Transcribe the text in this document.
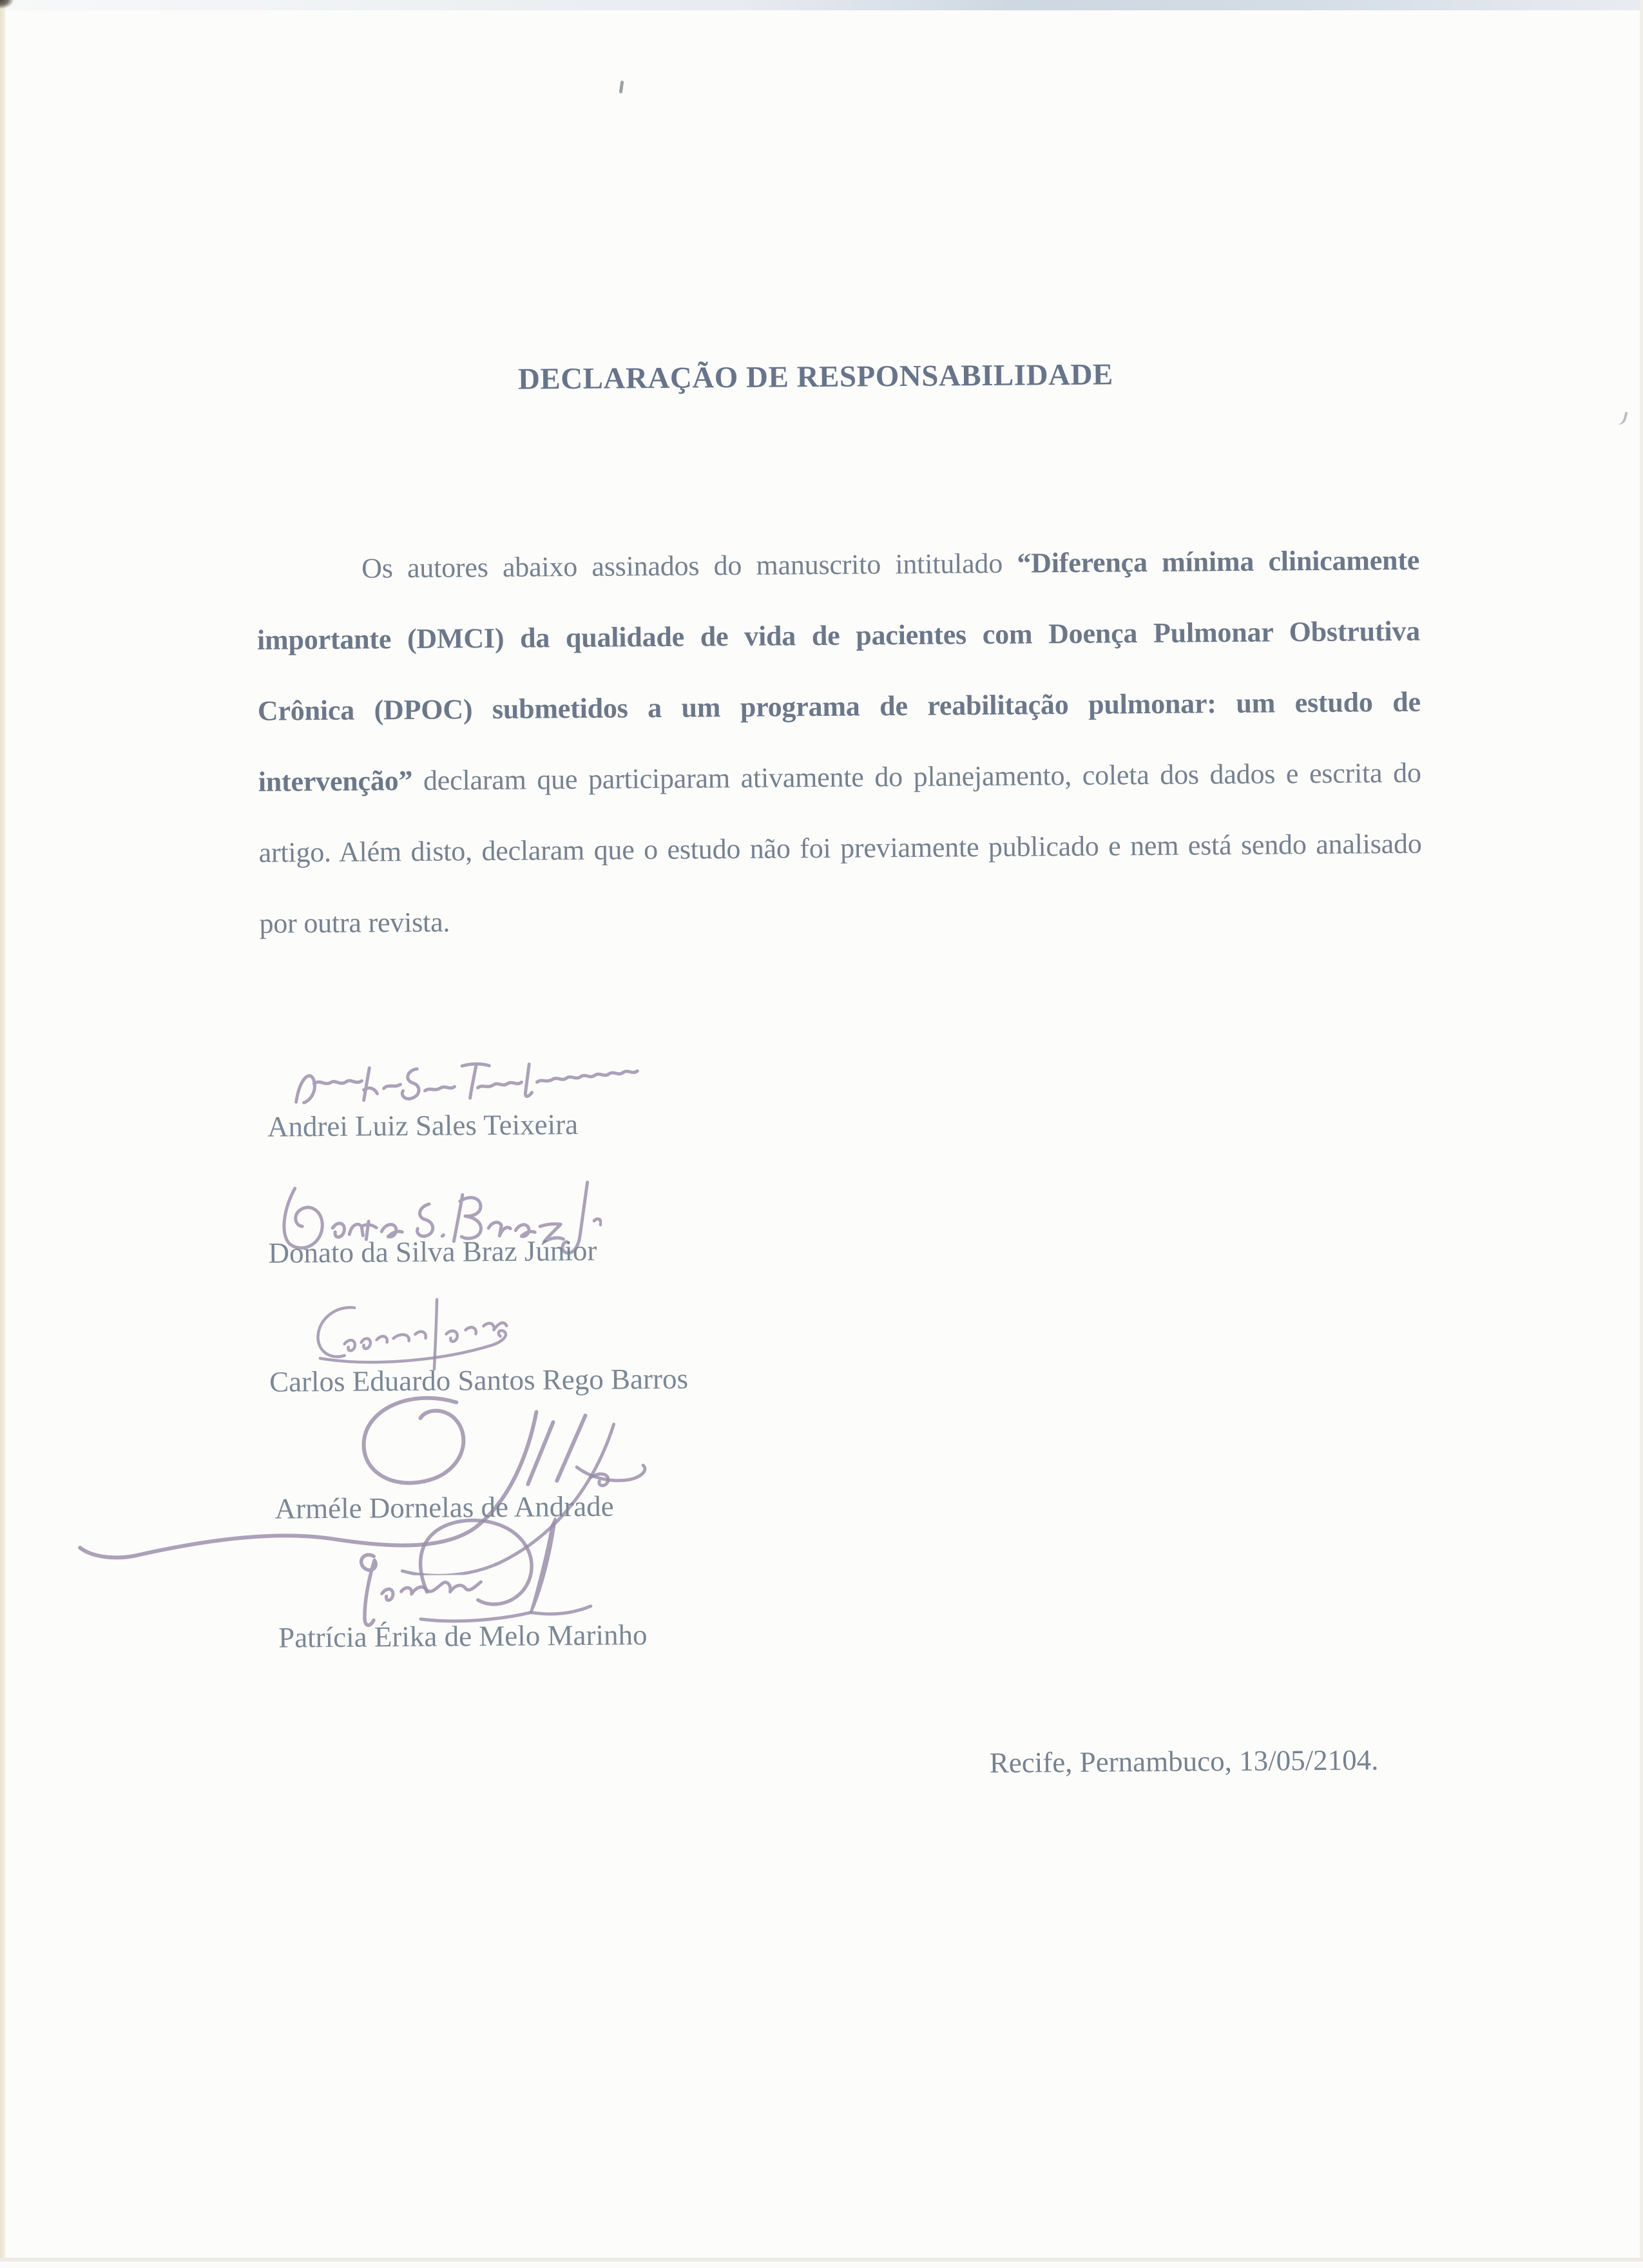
DECLARAÇÃO DE RESPONSABILIDADE

Os autores abaixo assinados do manuscrito intitulado “Diferença mínima clinicamente importante (DMCI) da qualidade de vida de pacientes com Doença Pulmonar Obstrutiva Crônica (DPOC) submetidos a um programa de reabilitação pulmonar: um estudo de intervenção” declaram que participaram ativamente do planejamento, coleta dos dados e escrita do artigo. Além disto, declaram que o estudo não foi previamente publicado e nem está sendo analisado por outra revista.

Andrei Luiz Sales Teixeira
Donato da Silva Braz Júnior
Carlos Eduardo Santos Rego Barros
Arméle Dornelas de Andrade
Patrícia Érika de Melo Marinho
Recife, Pernambuco, 13/05/2104.
